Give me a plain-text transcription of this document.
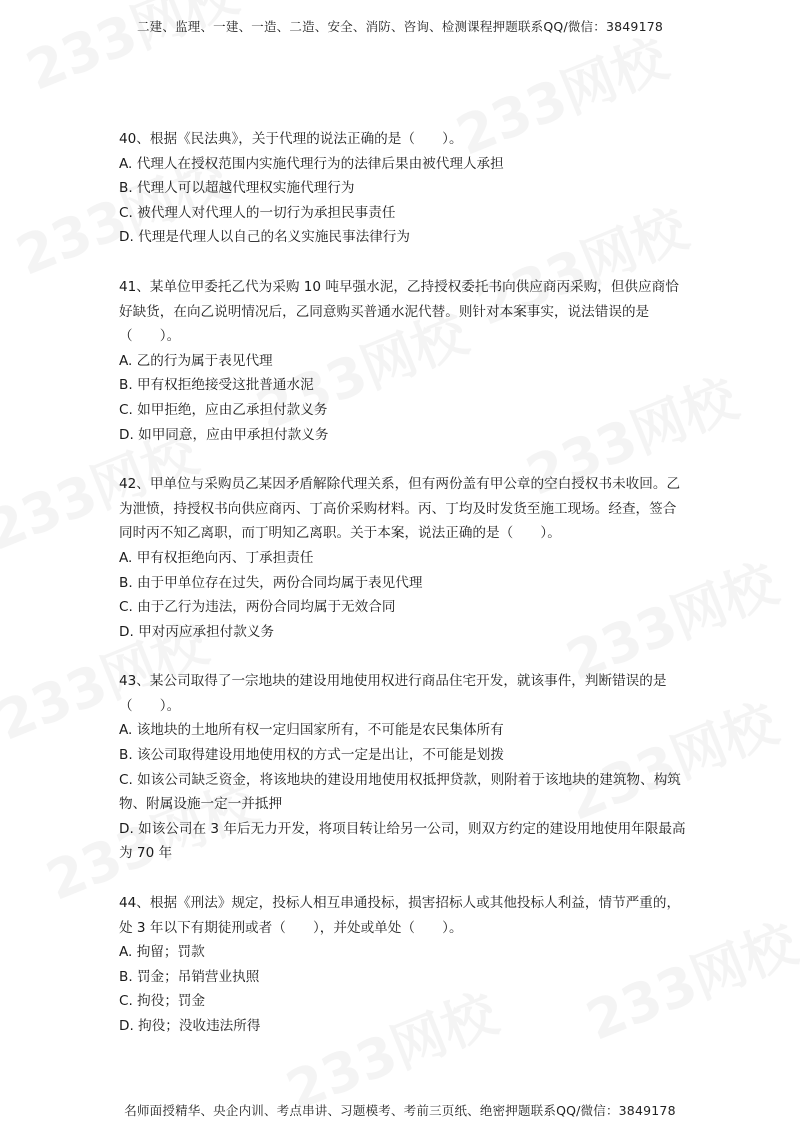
二建、监理、一建、一造、二造、安全、消防、咨询、检测课程押题联系QQ/微信：3849178

40、根据《民法典》，关于代理的说法正确的是（　　）。

A. 代理人在授权范围内实施代理行为的法律后果由被代理人承担

B. 代理人可以超越代理权实施代理行为

C. 被代理人对代理人的一切行为承担民事责任

D. 代理是代理人以自己的名义实施民事法律行为

41、某单位甲委托乙代为采购 10 吨早强水泥，乙持授权委托书向供应商丙采购，但供应商恰好缺货，在向乙说明情况后，乙同意购买普通水泥代替。则针对本案事实，说法错误的是（　　）。

A. 乙的行为属于表见代理

B. 甲有权拒绝接受这批普通水泥

C. 如甲拒绝，应由乙承担付款义务

D. 如甲同意，应由甲承担付款义务

42、甲单位与采购员乙某因矛盾解除代理关系，但有两份盖有甲公章的空白授权书未收回。乙为泄愤，持授权书向供应商丙、丁高价采购材料。丙、丁均及时发货至施工现场。经查，签合同时丙不知乙离职，而丁明知乙离职。关于本案，说法正确的是（　　）。

A. 甲有权拒绝向丙、丁承担责任

B. 由于甲单位存在过失，两份合同均属于表见代理

C. 由于乙行为违法，两份合同均属于无效合同

D. 甲对丙应承担付款义务

43、某公司取得了一宗地块的建设用地使用权进行商品住宅开发，就该事件，判断错误的是（　　）。

A. 该地块的土地所有权一定归国家所有，不可能是农民集体所有

B. 该公司取得建设用地使用权的方式一定是出让，不可能是划拨

C. 如该公司缺乏资金，将该地块的建设用地使用权抵押贷款，则附着于该地块的建筑物、构筑物、附属设施一定一并抵押

D. 如该公司在 3 年后无力开发，将项目转让给另一公司，则双方约定的建设用地使用年限最高为 70 年

44、根据《刑法》规定，投标人相互串通投标，损害招标人或其他投标人利益，情节严重的，处 3 年以下有期徒刑或者（　　），并处或单处（　　）。

A. 拘留；罚款

B. 罚金；吊销营业执照

C. 拘役；罚金

D. 拘役；没收违法所得

名师面授精华、央企内训、考点串讲、习题模考、考前三页纸、绝密押题联系QQ/微信：3849178
